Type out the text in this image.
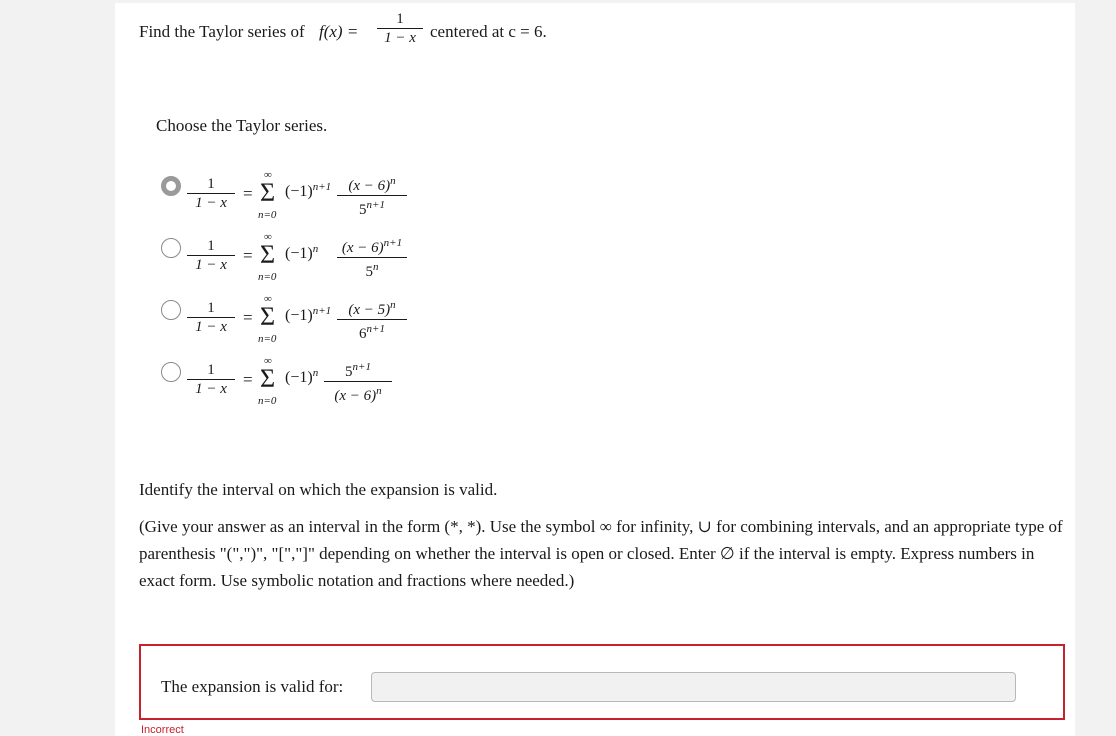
Find the Taylor series of f(x) =
1
1 − x centered at c = 6.
Choose the Taylor series.
1
1 − x =
∞
Σ
n=0
$(-1)^{n+1}$	$(x - 6)^n$
$5^{n+1}$
1
1 − x =
∞
Σ
n=0
$(-1)^n$	$(x - 6)^{n+1}$
5$^n$
1
1 − x =
∞
Σ
n=0
$(-1)^{n+1}$	$(x - 5)^n$
$6^{n+1}$
1
1 − x =
∞
Σ
n=0
$(-1)^n$	$5^{n+1}$
$(x - 6)^n$
Identify the interval on which the expansion is valid.
(Give your answer as an interval in the form (*, *). Use the symbol ∞ for infinity, ∪ for combining intervals, and an appropriate type of parenthesis "(",")", "[","]" depending on whether the interval is open or closed. Enter ∅ if the interval is empty. Express numbers in exact form. Use symbolic notation and fractions where needed.)
The expansion is valid for:
Incorrect
